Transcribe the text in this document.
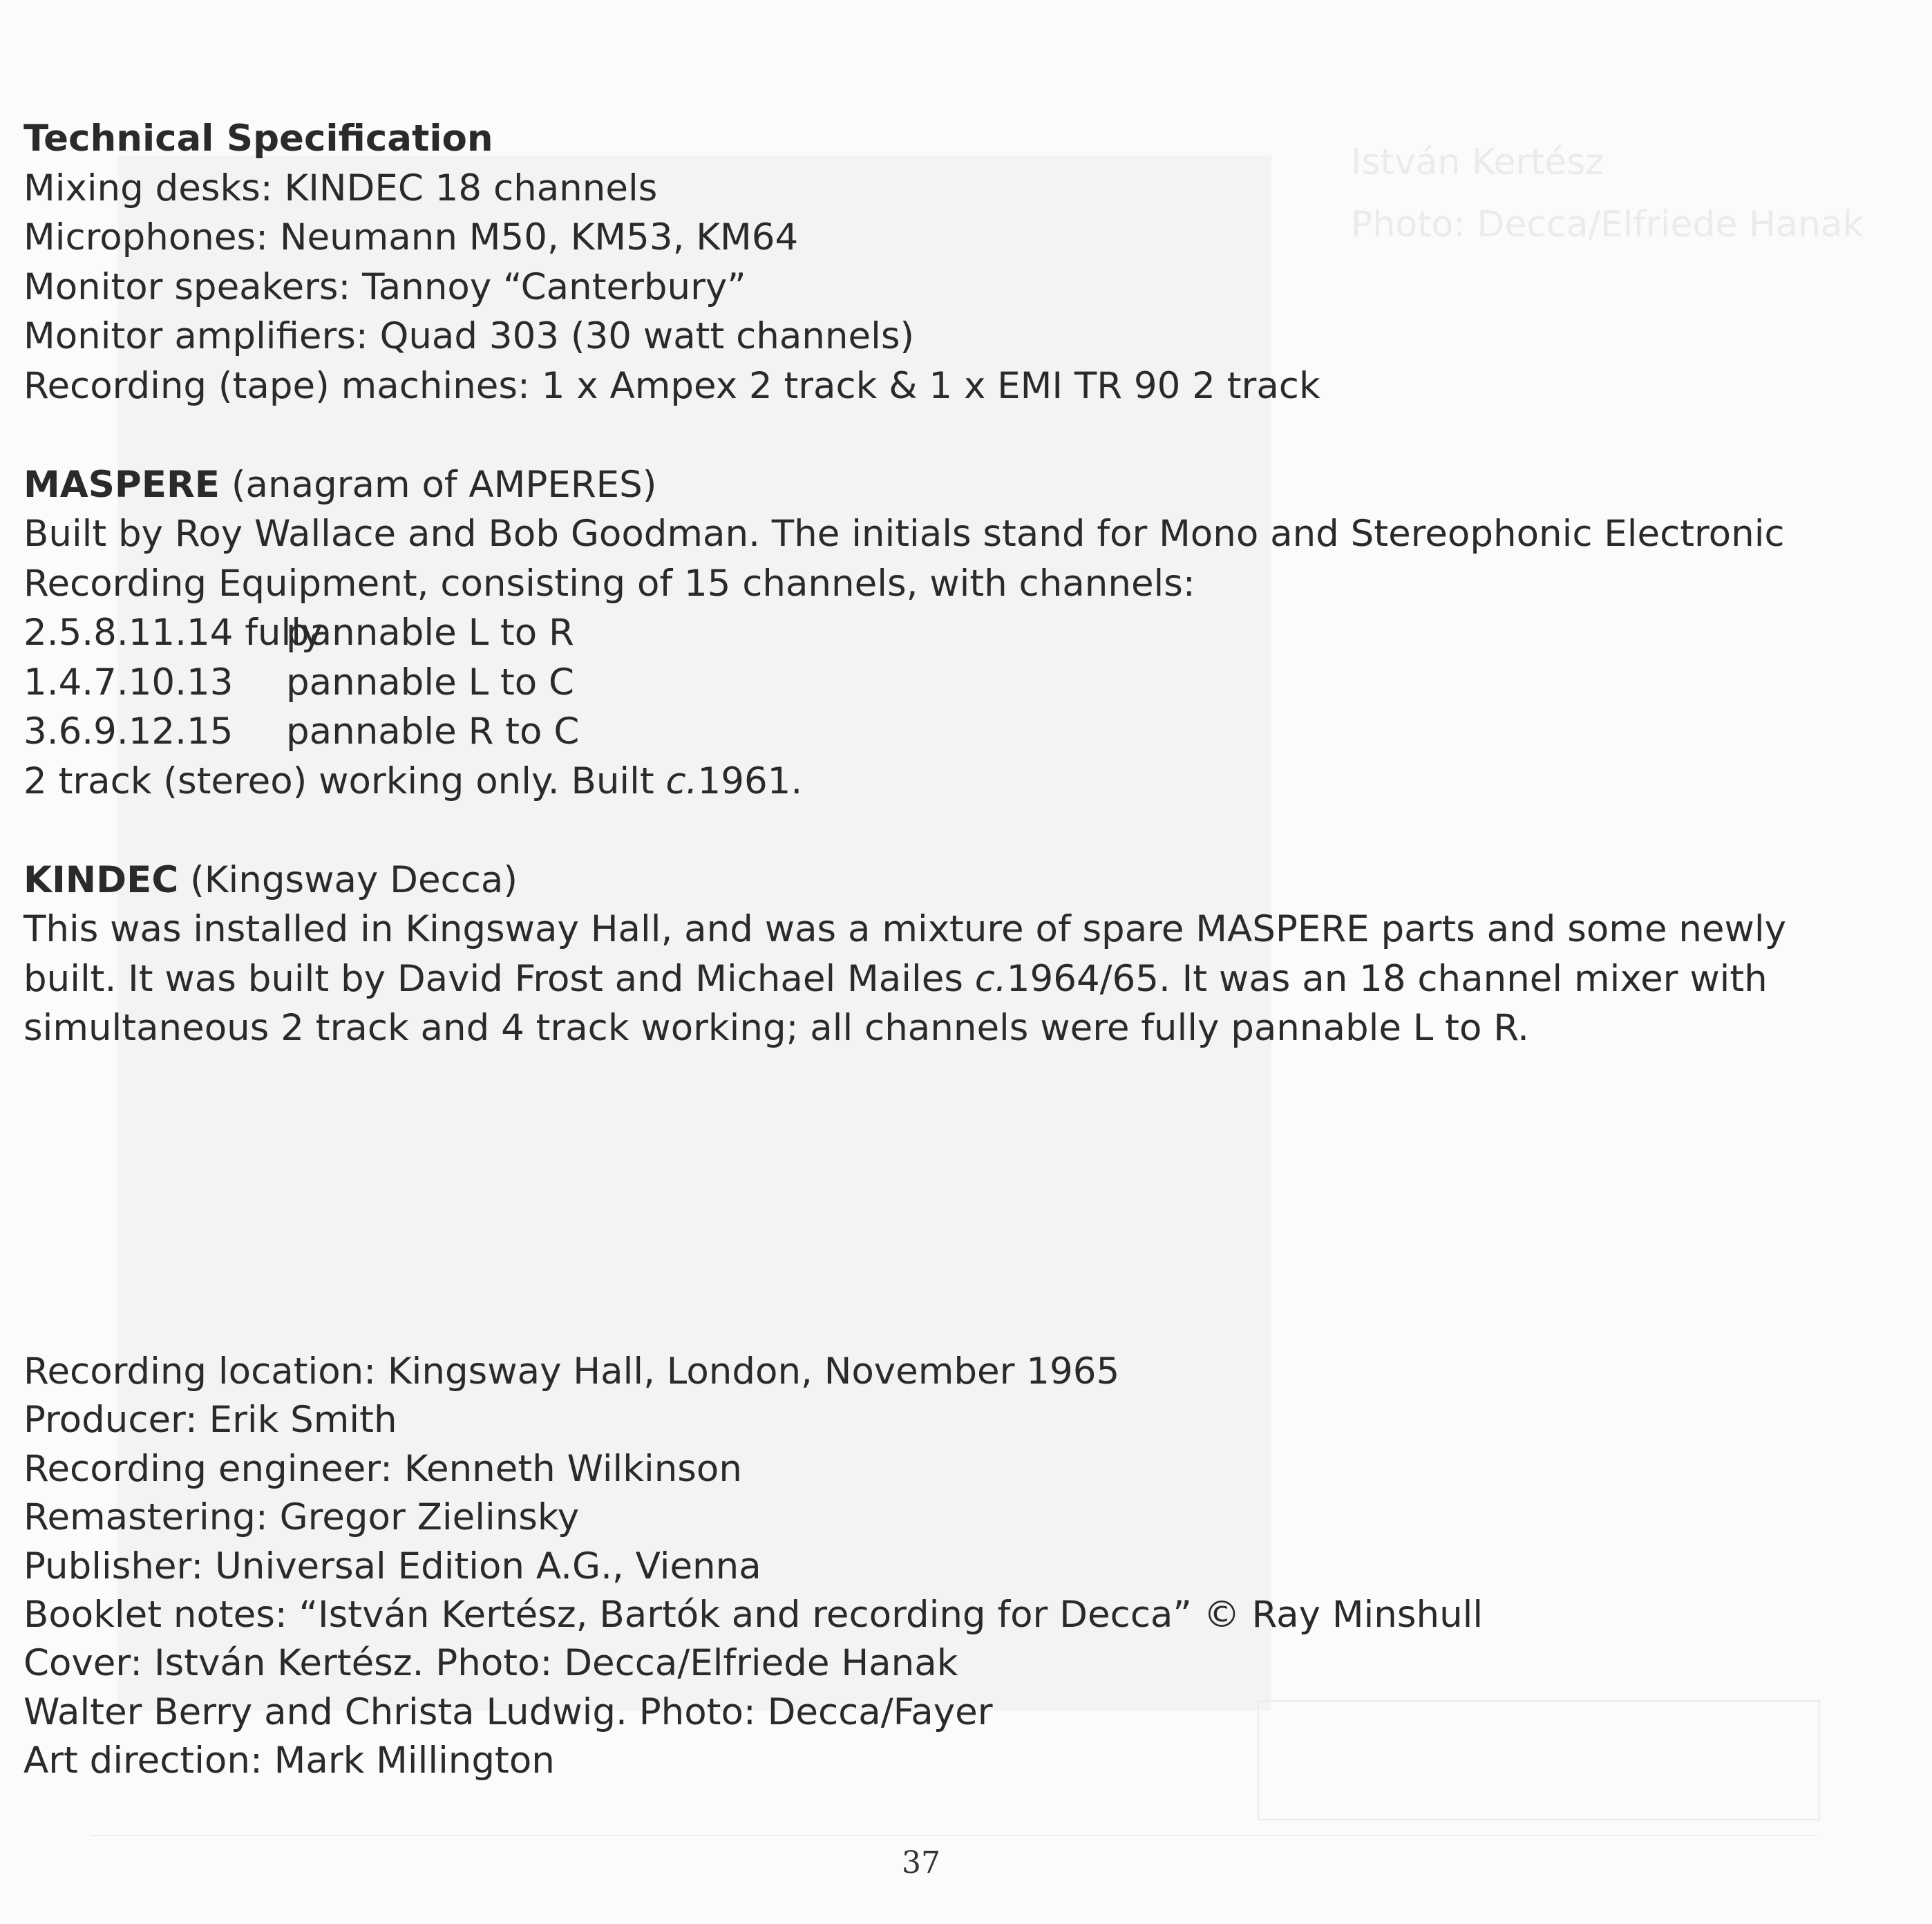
István Kertész
Photo: Decca/Elfriede Hanak
Technical Specification
Mixing desks: KINDEC 18 channels
Microphones: Neumann M50, KM53, KM64
Monitor speakers: Tannoy “Canterbury”
Monitor amplifiers: Quad 303 (30 watt channels)
Recording (tape) machines: 1 x Ampex 2 track & 1 x EMI TR 90 2 track
MASPERE (anagram of AMPERES)
Built by Roy Wallace and Bob Goodman. The initials stand for Mono and Stereophonic Electronic
Recording Equipment, consisting of 15 channels, with channels:
2.5.8.11.14 fullypannable L to R
1.4.7.10.13 pannable L to C
3.6.9.12.15 pannable R to C
2 track (stereo) working only. Built c.1961.
KINDEC (Kingsway Decca)
This was installed in Kingsway Hall, and was a mixture of spare MASPERE parts and some newly
built. It was built by David Frost and Michael Mailes c.1964/65. It was an 18 channel mixer with
simultaneous 2 track and 4 track working; all channels were fully pannable L to R.
Recording location: Kingsway Hall, London, November 1965
Producer: Erik Smith
Recording engineer: Kenneth Wilkinson
Remastering: Gregor Zielinsky
Publisher: Universal Edition A.G., Vienna
Booklet notes: “István Kertész, Bartók and recording for Decca” © Ray Minshull
Cover: István Kertész. Photo: Decca/Elfriede Hanak
Walter Berry and Christa Ludwig. Photo: Decca/Fayer
Art direction: Mark Millington
37
